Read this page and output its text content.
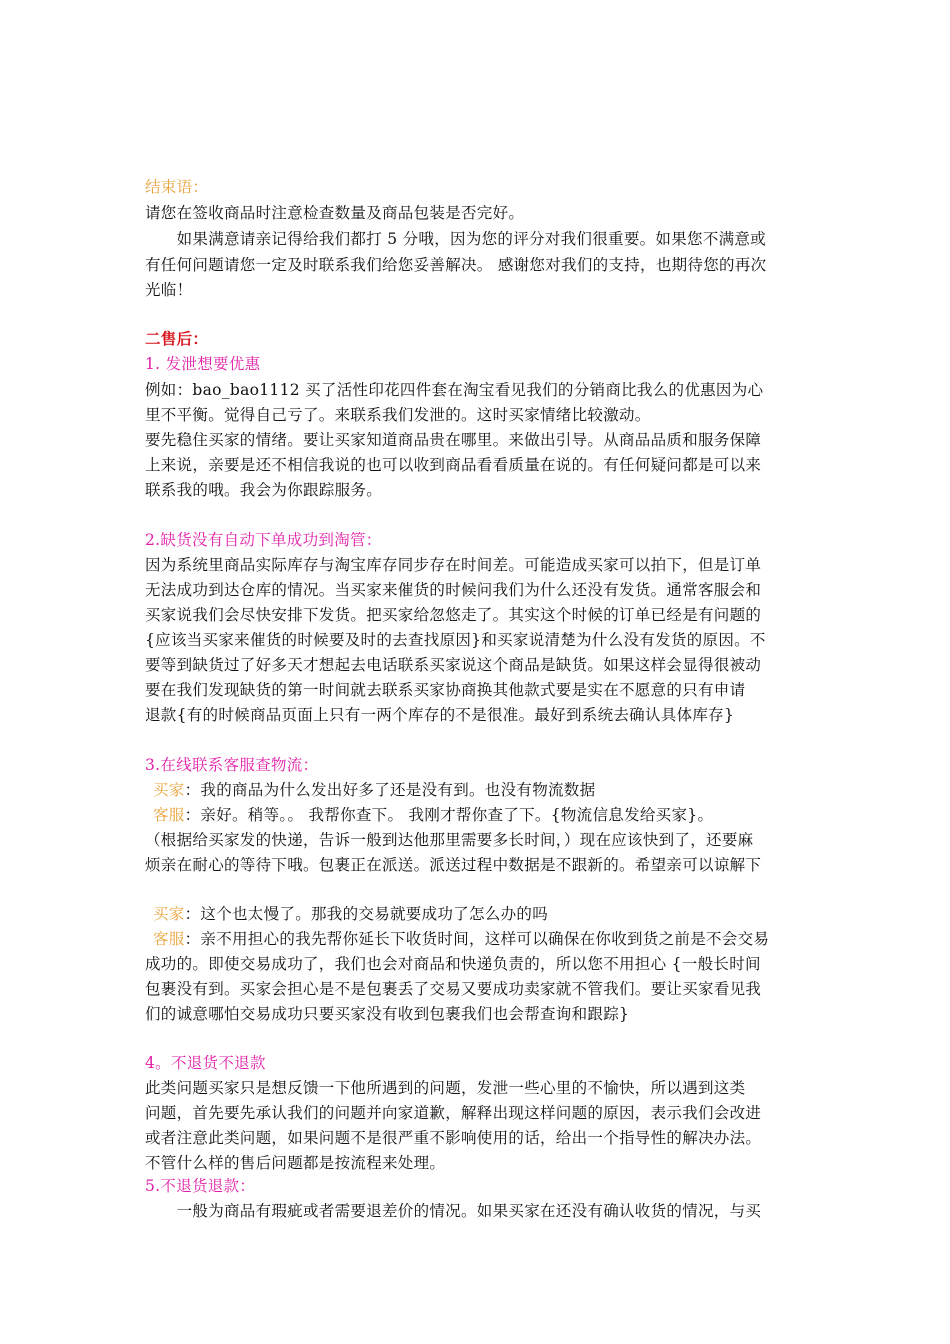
结束语：
请您在签收商品时注意检查数量及商品包装是否完好。
　　如果满意请亲记得给我们都打 5 分哦，因为您的评分对我们很重要。如果您不满意或
有任何问题请您一定及时联系我们给您妥善解决。 感谢您对我们的支持，也期待您的再次
光临！
二售后：
1. 发泄想要优惠
例如：bao_bao1112 买了活性印花四件套在淘宝看见我们的分销商比我么的优惠因为心
里不平衡。觉得自己亏了。来联系我们发泄的。这时买家情绪比较激动。
要先稳住买家的情绪。要让买家知道商品贵在哪里。来做出引导。从商品品质和服务保障
上来说，亲要是还不相信我说的也可以收到商品看看质量在说的。有任何疑问都是可以来
联系我的哦。我会为你跟踪服务。
2.缺货没有自动下单成功到淘管：
因为系统里商品实际库存与淘宝库存同步存在时间差。可能造成买家可以拍下，但是订单
无法成功到达仓库的情况。当买家来催货的时候问我们为什么还没有发货。通常客服会和
买家说我们会尽快安排下发货。把买家给忽悠走了。其实这个时候的订单已经是有问题的
{应该当买家来催货的时候要及时的去查找原因}和买家说清楚为什么没有发货的原因。不
要等到缺货过了好多天才想起去电话联系买家说这个商品是缺货。如果这样会显得很被动
要在我们发现缺货的第一时间就去联系买家协商换其他款式要是实在不愿意的只有申请
退款{有的时候商品页面上只有一两个库存的不是很准。最好到系统去确认具体库存}
3.在线联系客服查物流：
买家：我的商品为什么发出好多了还是没有到。也没有物流数据
客服：亲好。稍等。。 我帮你查下。 我刚才帮你查了下。{物流信息发给买家}。
（根据给买家发的快递，告诉一般到达他那里需要多长时间，）现在应该快到了，还要麻
烦亲在耐心的等待下哦。包裹正在派送。派送过程中数据是不跟新的。希望亲可以谅解下
买家：这个也太慢了。那我的交易就要成功了怎么办的吗
客服：亲不用担心的我先帮你延长下收货时间，这样可以确保在你收到货之前是不会交易
成功的。即使交易成功了，我们也会对商品和快递负责的，所以您不用担心 {一般长时间
包裹没有到。买家会担心是不是包裹丢了交易又要成功卖家就不管我们。要让买家看见我
们的诚意哪怕交易成功只要买家没有收到包裹我们也会帮查询和跟踪}
4。不退货不退款
此类问题买家只是想反馈一下他所遇到的问题，发泄一些心里的不愉快，所以遇到这类
问题，首先要先承认我们的问题并向家道歉，解释出现这样问题的原因，表示我们会改进
或者注意此类问题，如果问题不是很严重不影响使用的话，给出一个指导性的解决办法。
不管什么样的售后问题都是按流程来处理。
5.不退货退款：
　　一般为商品有瑕疵或者需要退差价的情况。如果买家在还没有确认收货的情况，与买
